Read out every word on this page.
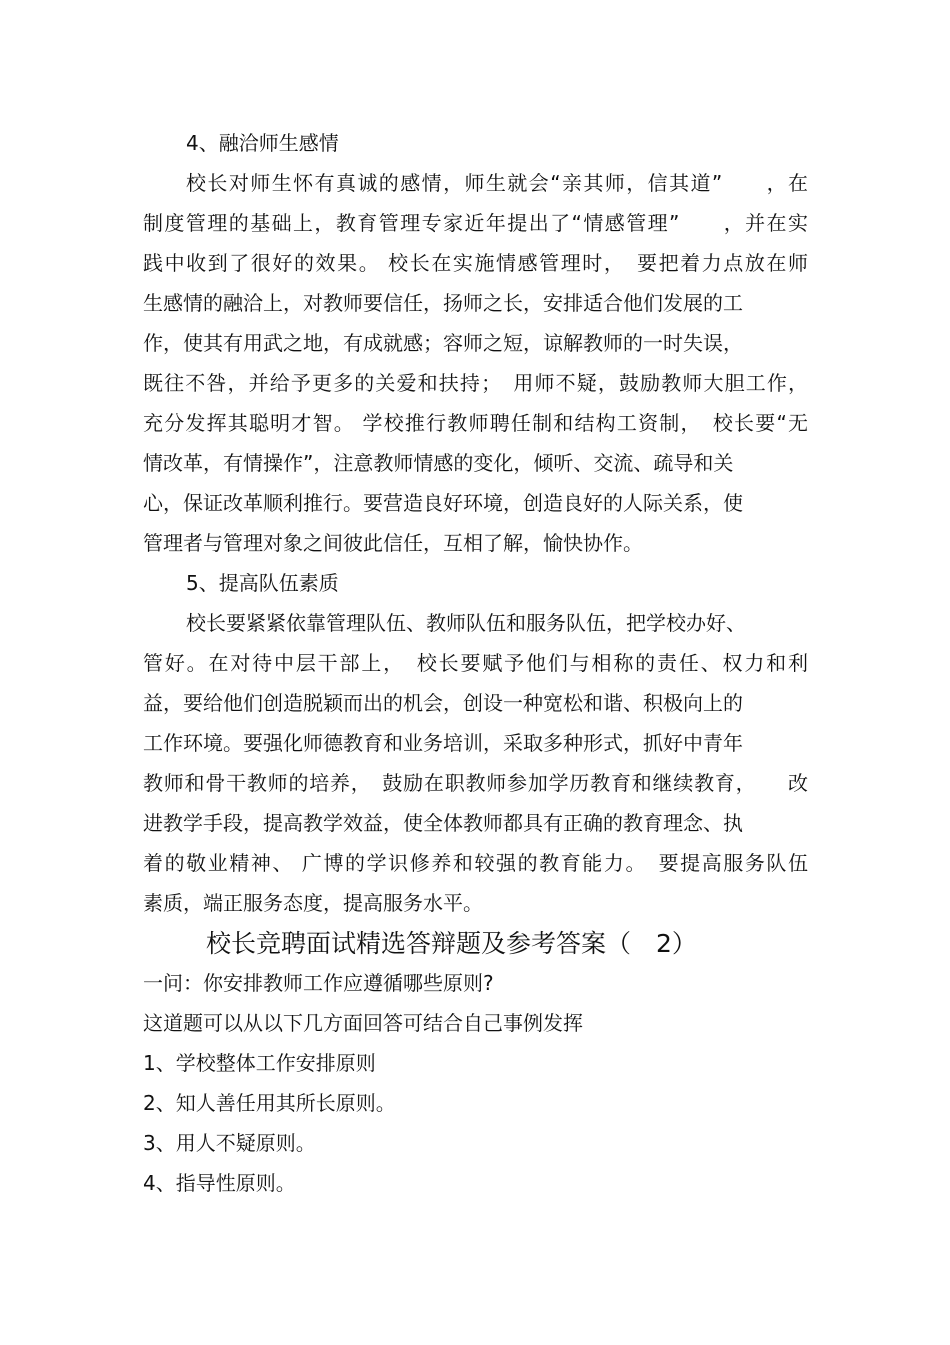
4、融洽师生感情
校长对师生怀有真诚的感情，师生就会“亲其师，信其道”　　，在
制度管理的基础上，教育管理专家近年提出了“情感管理”　　，并在实
践中收到了很好的效果。 校长在实施情感管理时，　要把着力点放在师
生感情的融洽上，对教师要信任，扬师之长，安排适合他们发展的工
作，使其有用武之地，有成就感；容师之短，谅解教师的一时失误，
既往不咎，并给予更多的关爱和扶持；　用师不疑，鼓励教师大胆工作，
充分发挥其聪明才智。 学校推行教师聘任制和结构工资制，　校长要“无
情改革，有情操作”，注意教师情感的变化，倾听、交流、疏导和关
心，保证改革顺利推行。要营造良好环境，创造良好的人际关系，使
管理者与管理对象之间彼此信任，互相了解，愉快协作。
5、提高队伍素质
校长要紧紧依靠管理队伍、教师队伍和服务队伍，把学校办好、
管好。在对待中层干部上，　校长要赋予他们与相称的责任、权力和利
益，要给他们创造脱颖而出的机会，创设一种宽松和谐、积极向上的
工作环境。要强化师德教育和业务培训，采取多种形式，抓好中青年
教师和骨干教师的培养，　鼓励在职教师参加学历教育和继续教育，　　改
进教学手段，提高教学效益，使全体教师都具有正确的教育理念、执
着的敬业精神、 广博的学识修养和较强的教育能力。　要提高服务队伍
素质，端正服务态度，提高服务水平。
校长竞聘面试精选答辩题及参考答案（　2）
一问：你安排教师工作应遵循哪些原则?
这道题可以从以下几方面回答可结合自己事例发挥
1、学校整体工作安排原则
2、知人善任用其所长原则。
3、用人不疑原则。
4、指导性原则。
